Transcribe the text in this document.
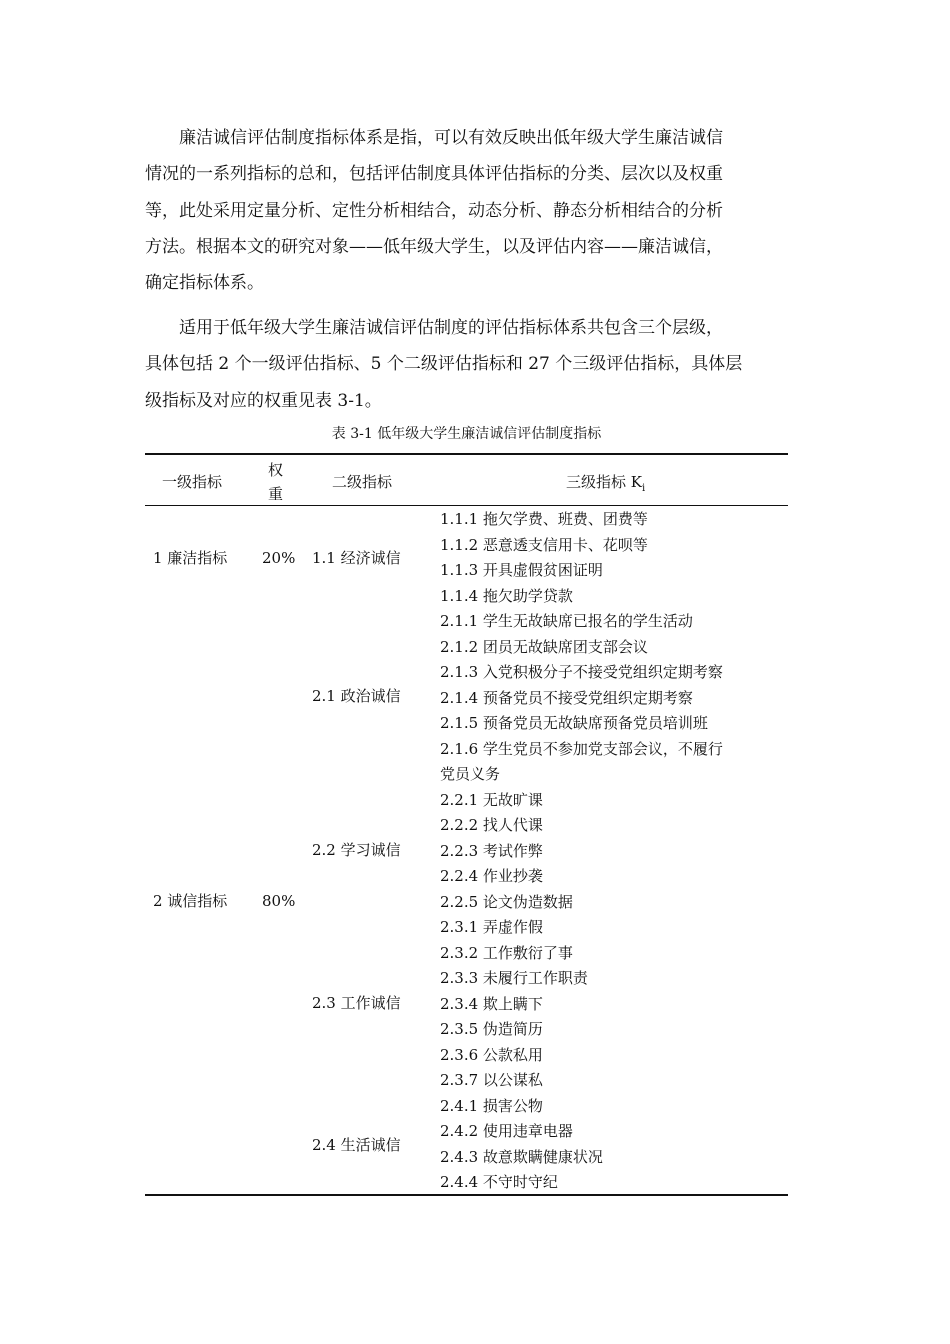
廉洁诚信评估制度指标体系是指，可以有效反映出低年级大学生廉洁诚信
情况的一系列指标的总和，包括评估制度具体评估指标的分类、层次以及权重
等，此处采用定量分析、定性分析相结合，动态分析、静态分析相结合的分析
方法。根据本文的研究对象——低年级大学生，以及评估内容——廉洁诚信，
确定指标体系。

适用于低年级大学生廉洁诚信评估制度的评估指标体系共包含三个层级，
具体包括 2 个一级评估指标、5 个二级评估指标和 27 个三级评估指标，具体层
级指标及对应的权重见表 3-1。

表 3-1 低年级大学生廉洁诚信评估制度指标
一级指标
权
重
二级指标	三级指标 $K_i$
1 廉洁指标 20%
2 诚信指标 80%
1.1 经济诚信
2.1 政治诚信
2.2 学习诚信
2.3 工作诚信
2.4 生活诚信
1.1.1 拖欠学费、班费、团费等
1.1.2 恶意透支信用卡、花呗等
1.1.3 开具虚假贫困证明
1.1.4 拖欠助学贷款
2.1.1 学生无故缺席已报名的学生活动
2.1.2 团员无故缺席团支部会议
2.1.3 入党积极分子不接受党组织定期考察
2.1.4 预备党员不接受党组织定期考察
2.1.5 预备党员无故缺席预备党员培训班
2.1.6 学生党员不参加党支部会议，不履行
党员义务
2.2.1 无故旷课
2.2.2 找人代课
2.2.3 考试作弊
2.2.4 作业抄袭
2.2.5 论文伪造数据
2.3.1 弄虚作假
2.3.2 工作敷衍了事
2.3.3 未履行工作职责
2.3.4 欺上瞒下
2.3.5 伪造简历
2.3.6 公款私用
2.3.7 以公谋私
2.4.1 损害公物
2.4.2 使用违章电器
2.4.3 故意欺瞒健康状况
2.4.4 不守时守纪
